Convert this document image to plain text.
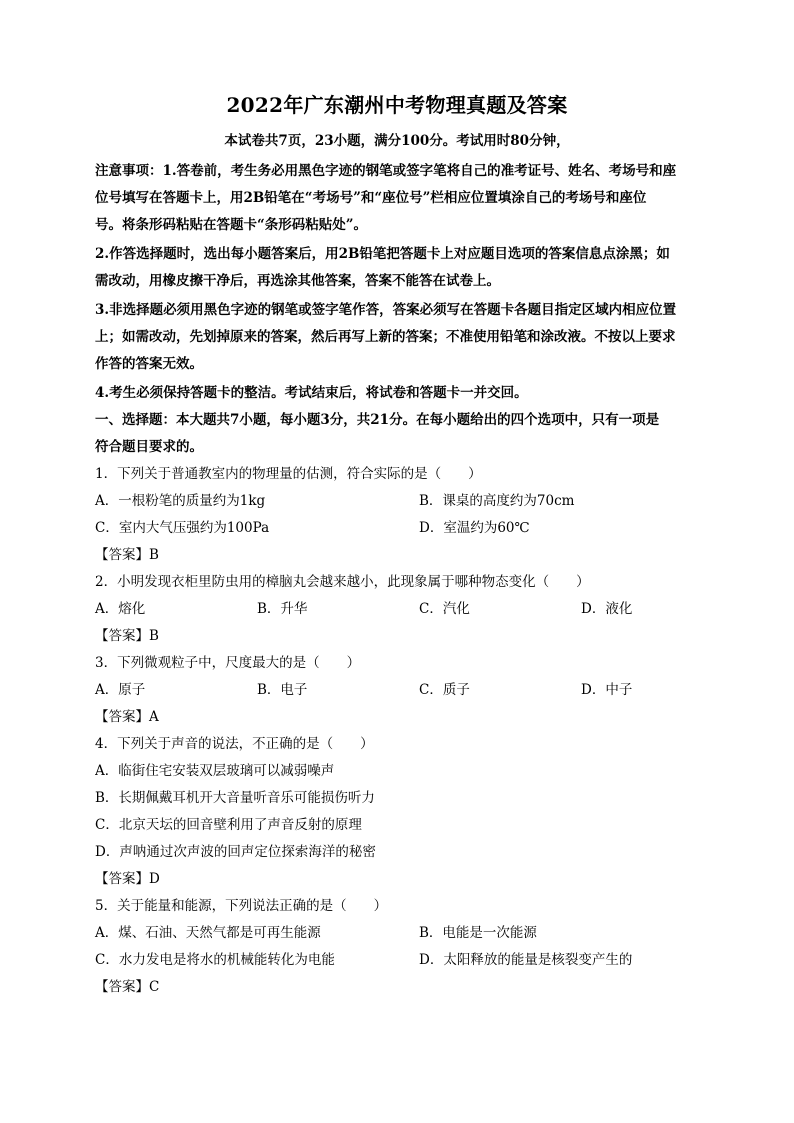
2022年广东潮州中考物理真题及答案
本试卷共7页，23小题，满分100分。考试用时80分钟，
注意事项：1.答卷前，考生务必用黑色字迹的钢笔或签字笔将自己的准考证号、姓名、考场号和座
位号填写在答题卡上，用2B铅笔在“考场号”和“座位号”栏相应位置填涂自己的考场号和座位
号。将条形码粘贴在答题卡“条形码粘贴处”。
2.作答选择题时，选出每小题答案后，用2B铅笔把答题卡上对应题目选项的答案信息点涂黑；如
需改动，用橡皮擦干净后，再选涂其他答案，答案不能答在试卷上。
3.非选择题必须用黑色字迹的钢笔或签字笔作答，答案必须写在答题卡各题目指定区域内相应位置
上；如需改动，先划掉原来的答案，然后再写上新的答案；不准使用铅笔和涂改液。不按以上要求
作答的答案无效。
4.考生必须保持答题卡的整洁。考试结束后，将试卷和答题卡一并交回。
一、选择题：本大题共7小题，每小题3分，共21分。在每小题给出的四个选项中，只有一项是
符合题目要求的。
1．下列关于普通教室内的物理量的估测，符合实际的是（　　）
A．一根粉笔的质量约为1kg	B．课桌的高度约为70cm
C．室内大气压强约为100Pa	D．室温约为60℃
【答案】B
2．小明发现衣柜里防虫用的樟脑丸会越来越小，此现象属于哪种物态变化（　　）
A．熔化	B．升华	C．汽化	D．液化
【答案】B
3．下列微观粒子中，尺度最大的是（　　）
A．原子	B．电子	C．质子	D．中子
【答案】A
4．下列关于声音的说法，不正确的是（　　）
A．临街住宅安装双层玻璃可以减弱噪声
B．长期佩戴耳机开大音量听音乐可能损伤听力
C．北京天坛的回音壁利用了声音反射的原理
D．声呐通过次声波的回声定位探索海洋的秘密
【答案】D
5．关于能量和能源，下列说法正确的是（　　）
A．煤、石油、天然气都是可再生能源	B．电能是一次能源
C．水力发电是将水的机械能转化为电能	D．太阳释放的能量是核裂变产生的
【答案】C
